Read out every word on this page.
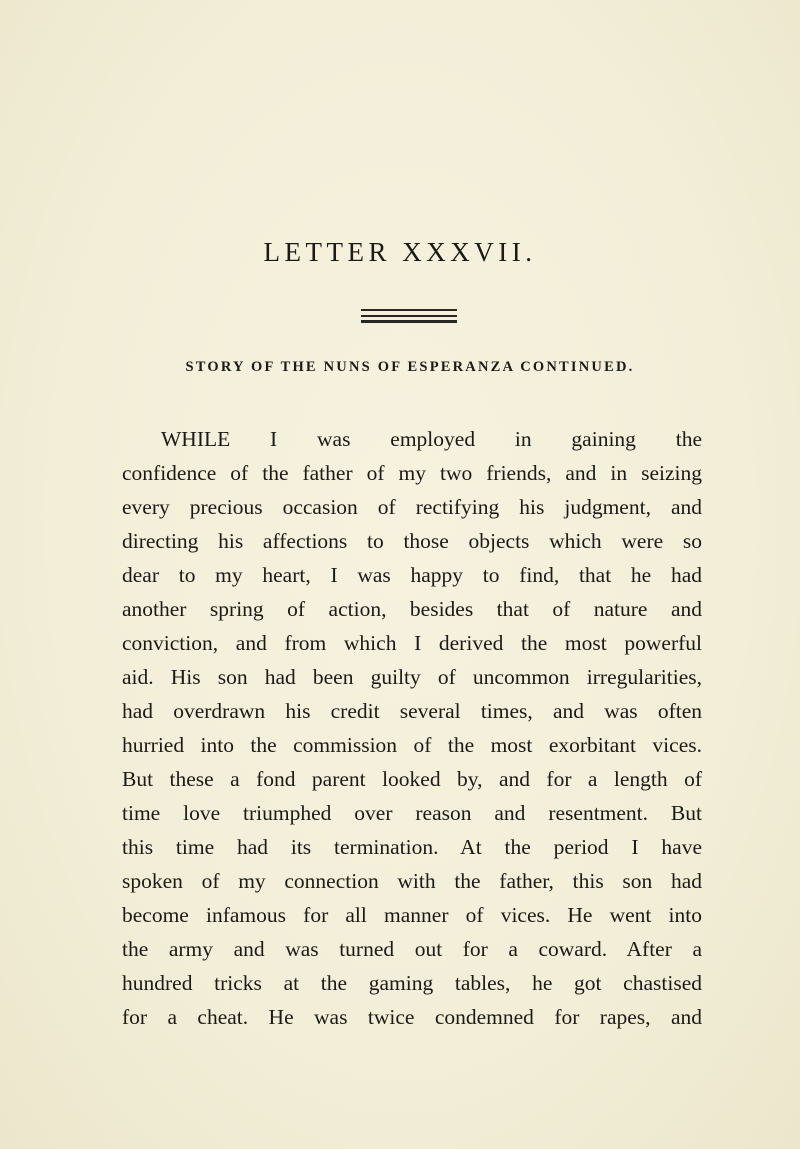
LETTER XXXVII.
STORY OF THE NUNS OF ESPERANZA CONTINUED.
WHILE I was employed in gaining the
confidence of the father of my two friends, and in seizing
every precious occasion of rectifying his judgment, and
directing his affections to those objects which were so
dear to my heart, I was happy to find, that he had
another spring of action, besides that of nature and
conviction, and from which I derived the most powerful
aid. His son had been guilty of uncommon irregularities,
had overdrawn his credit several times, and was often
hurried into the commission of the most exorbitant vices.
But these a fond parent looked by, and for a length of
time love triumphed over reason and resentment. But
this time had its termination. At the period I have
spoken of my connection with the father, this son had
become infamous for all manner of vices. He went into
the army and was turned out for a coward. After a
hundred tricks at the gaming tables, he got chastised
for a cheat. He was twice condemned for rapes, and
